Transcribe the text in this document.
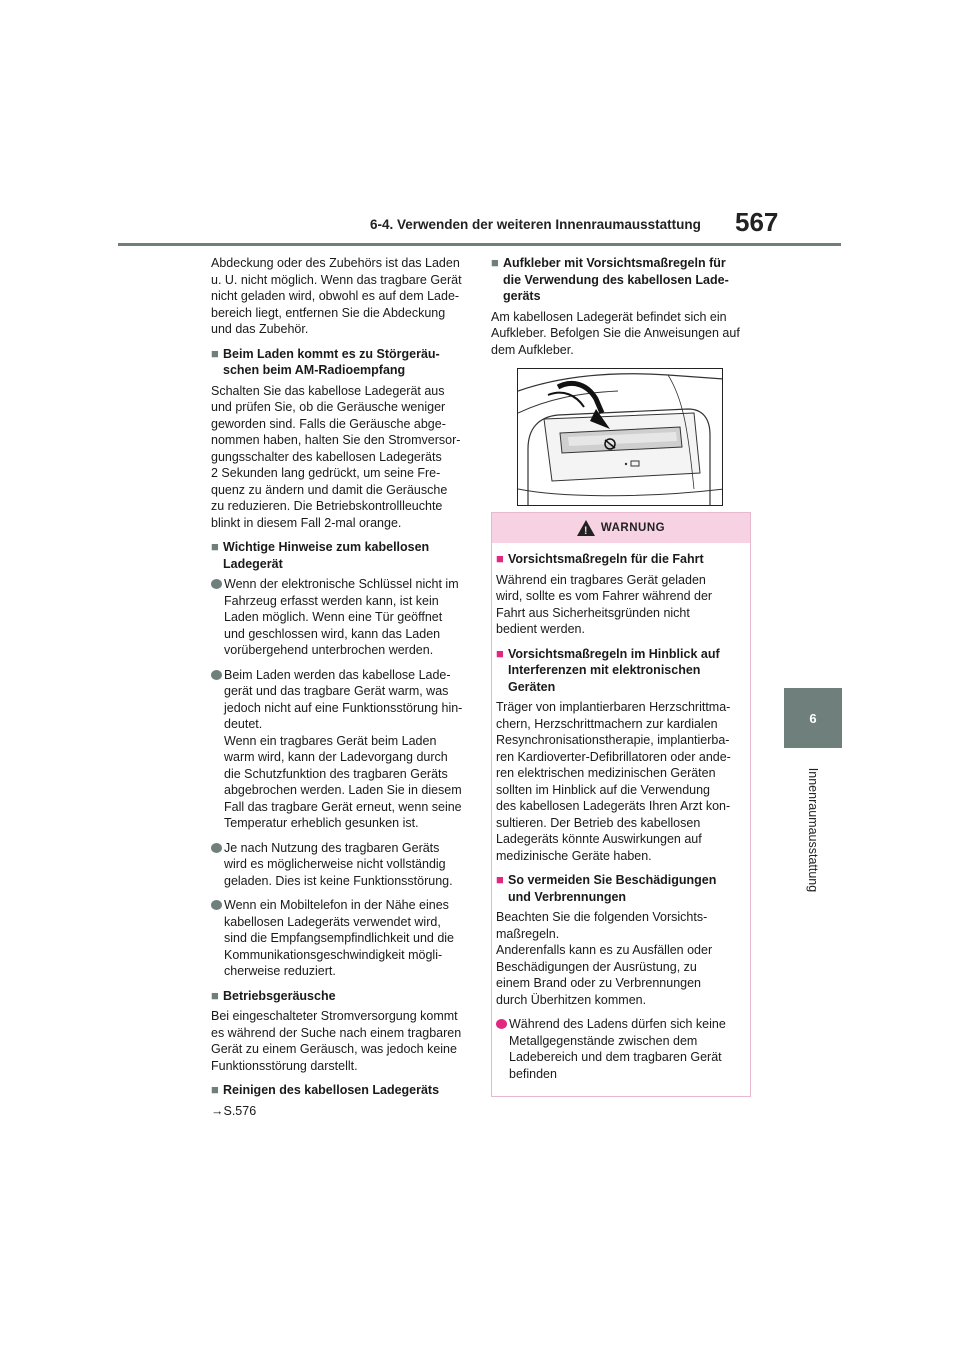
6-4. Verwenden der weiteren Innenraumausstattung 567
6
Innenraumausstattung

Abdeckung oder des Zubehörs ist das Laden
u. U. nicht möglich. Wenn das tragbare Gerät
nicht geladen wird, obwohl es auf dem Lade-
bereich liegt, entfernen Sie die Abdeckung
und das Zubehör.

■ Beim Laden kommt es zu Störgeräu-
schen beim AM-Radioempfang

Schalten Sie das kabellose Ladegerät aus
und prüfen Sie, ob die Geräusche weniger
geworden sind. Falls die Geräusche abge-
nommen haben, halten Sie den Stromversor-
gungsschalter des kabellosen Ladegeräts
2 Sekunden lang gedrückt, um seine Fre-
quenz zu ändern und damit die Geräusche
zu reduzieren. Die Betriebskontrollleuchte
blinkt in diesem Fall 2-mal orange.

■ Wichtige Hinweise zum kabellosen
Ladegerät
Wenn der elektronische Schlüssel nicht im
Fahrzeug erfasst werden kann, ist kein
Laden möglich. Wenn eine Tür geöffnet
und geschlossen wird, kann das Laden
vorübergehend unterbrochen werden.
Beim Laden werden das kabellose Lade-
gerät und das tragbare Gerät warm, was
jedoch nicht auf eine Funktionsstörung hin-
deutet.
Wenn ein tragbares Gerät beim Laden
warm wird, kann der Ladevorgang durch
die Schutzfunktion des tragbaren Geräts
abgebrochen werden. Laden Sie in diesem
Fall das tragbare Gerät erneut, wenn seine
Temperatur erheblich gesunken ist.
Je nach Nutzung des tragbaren Geräts
wird es möglicherweise nicht vollständig
geladen. Dies ist keine Funktionsstörung.
Wenn ein Mobiltelefon in der Nähe eines
kabellosen Ladegeräts verwendet wird,
sind die Empfangsempfindlichkeit und die
Kommunikationsgeschwindigkeit mögli-
cherweise reduziert.
■ Betriebsgeräusche

Bei eingeschalteter Stromversorgung kommt
es während der Suche nach einem tragbaren
Gerät zu einem Geräusch, was jedoch keine
Funktionsstörung darstellt.

■ Reinigen des kabellosen Ladegeräts

→S.576

■ Aufkleber mit Vorsichtsmaßregeln für
die Verwendung des kabellosen Lade-
geräts

Am kabellosen Ladegerät befindet sich ein
Aufkleber. Befolgen Sie die Anweisungen auf
dem Aufkleber.

!
WARNUNG
■ Vorsichtsmaßregeln für die Fahrt

Während ein tragbares Gerät geladen
wird, sollte es vom Fahrer während der
Fahrt aus Sicherheitsgründen nicht
bedient werden.

■ Vorsichtsmaßregeln im Hinblick auf
Interferenzen mit elektronischen
Geräten

Träger von implantierbaren Herzschrittma-
chern, Herzschrittmachern zur kardialen
Resynchronisationstherapie, implantierba-
ren Kardioverter-Defibrillatoren oder ande-
ren elektrischen medizinischen Geräten
sollten im Hinblick auf die Verwendung
des kabellosen Ladegeräts Ihren Arzt kon-
sultieren. Der Betrieb des kabellosen
Ladegeräts könnte Auswirkungen auf
medizinische Geräte haben.

■ So vermeiden Sie Beschädigungen
und Verbrennungen

Beachten Sie die folgenden Vorsichts-
maßregeln.
Anderenfalls kann es zu Ausfällen oder
Beschädigungen der Ausrüstung, zu
einem Brand oder zu Verbrennungen
durch Überhitzen kommen.

Während des Ladens dürfen sich keine
Metallgegenstände zwischen dem
Ladebereich und dem tragbaren Gerät
befinden
